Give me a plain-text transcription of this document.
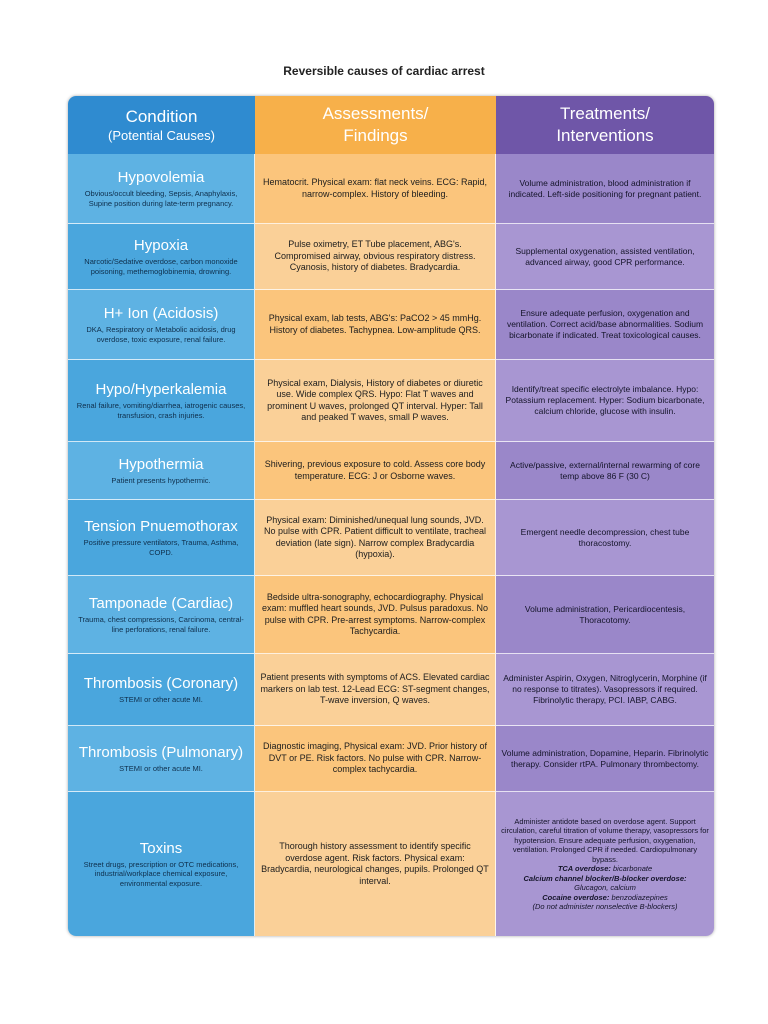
Reversible causes of cardiac arrest
Condition
(Potential Causes)
Assessments/
Findings
Treatments/
Interventions
Hypovolemia
Obvious/occult bleeding, Sepsis, Anaphylaxis, Supine position during late-term pregnancy.
Hematocrit. Physical exam: flat neck veins. ECG: Rapid, narrow-complex. History of bleeding.
Volume administration, blood administration if indicated. Left-side positioning for pregnant patient.
Hypoxia
Narcotic/Sedative overdose, carbon monoxide poisoning, methemoglobinemia, drowning.
Pulse oximetry, ET Tube placement, ABG's. Compromised airway, obvious respiratory distress. Cyanosis, history of diabetes. Bradycardia.
Supplemental oxygenation, assisted ventilation, advanced airway, good CPR performance.
H+ Ion (Acidosis)
DKA, Respiratory or Metabolic acidosis, drug overdose, toxic exposure, renal failure.
Physical exam, lab tests, ABG's: PaCO2 > 45 mmHg. History of diabetes. Tachypnea. Low-amplitude QRS.
Ensure adequate perfusion, oxygenation and ventilation. Correct acid/base abnormalities. Sodium bicarbonate if indicated. Treat toxicological causes.
Hypo/Hyperkalemia
Renal failure, vomiting/diarrhea, iatrogenic causes, transfusion, crash injuries.
Physical exam, Dialysis, History of diabetes or diuretic use. Wide complex QRS. Hypo: Flat T waves and prominent U waves, prolonged QT interval. Hyper: Tall and peaked T waves, small P waves.
Identify/treat specific electrolyte imbalance. Hypo: Potassium replacement. Hyper: Sodium bicarbonate, calcium chloride, glucose with insulin.
Hypothermia
Patient presents hypothermic.
Shivering, previous exposure to cold. Assess core body temperature. ECG: J or Osborne waves.
Active/passive, external/internal rewarming of core temp above 86 F (30 C)
Tension Pnuemothorax
Positive pressure ventilators, Trauma, Asthma, COPD.
Physical exam: Diminished/unequal lung sounds, JVD. No pulse with CPR. Patient difficult to ventilate, tracheal deviation (late sign). Narrow complex Bradycardia (hypoxia).
Emergent needle decompression, chest tube thoracostomy.
Tamponade (Cardiac)
Trauma, chest compressions, Carcinoma, central-line perforations, renal failure.
Bedside ultra-sonography, echocardiography. Physical exam: muffled heart sounds, JVD. Pulsus paradoxus. No pulse with CPR. Pre-arrest symptoms. Narrow-complex Tachycardia.
Volume administration, Pericardiocentesis, Thoracotomy.
Thrombosis (Coronary)
STEMI or other acute MI.
Patient presents with symptoms of ACS. Elevated cardiac markers on lab test. 12-Lead ECG: ST-segment changes, T-wave inversion, Q waves.
Administer Aspirin, Oxygen, Nitroglycerin, Morphine (if no response to titrates). Vasopressors if required. Fibrinolytic therapy, PCI. IABP, CABG.
Thrombosis (Pulmonary)
STEMI or other acute MI.
Diagnostic imaging, Physical exam: JVD. Prior history of DVT or PE. Risk factors. No pulse with CPR. Narrow-complex tachycardia.
Volume administration, Dopamine, Heparin. Fibrinolytic therapy. Consider rtPA. Pulmonary thrombectomy.
Toxins
Street drugs, prescription or OTC medications, industrial/workplace chemical exposure, environmental exposure.
Thorough history assessment to identify specific overdose agent. Risk factors. Physical exam: Bradycardia, neurological changes, pupils. Prolonged QT interval.
Administer antidote based on overdose agent. Support circulation, careful titration of volume therapy, vasopressors for hypotension. Ensure adequate perfusion, oxygenation, ventilation. Prolonged CPR if needed. Cardiopulmonary bypass.
TCA overdose: bicarbonate
Calcium channel blocker/B-blocker overdose:
Glucagon, calcium
Cocaine overdose: benzodiazepines
(Do not administer nonselective B-blockers)
